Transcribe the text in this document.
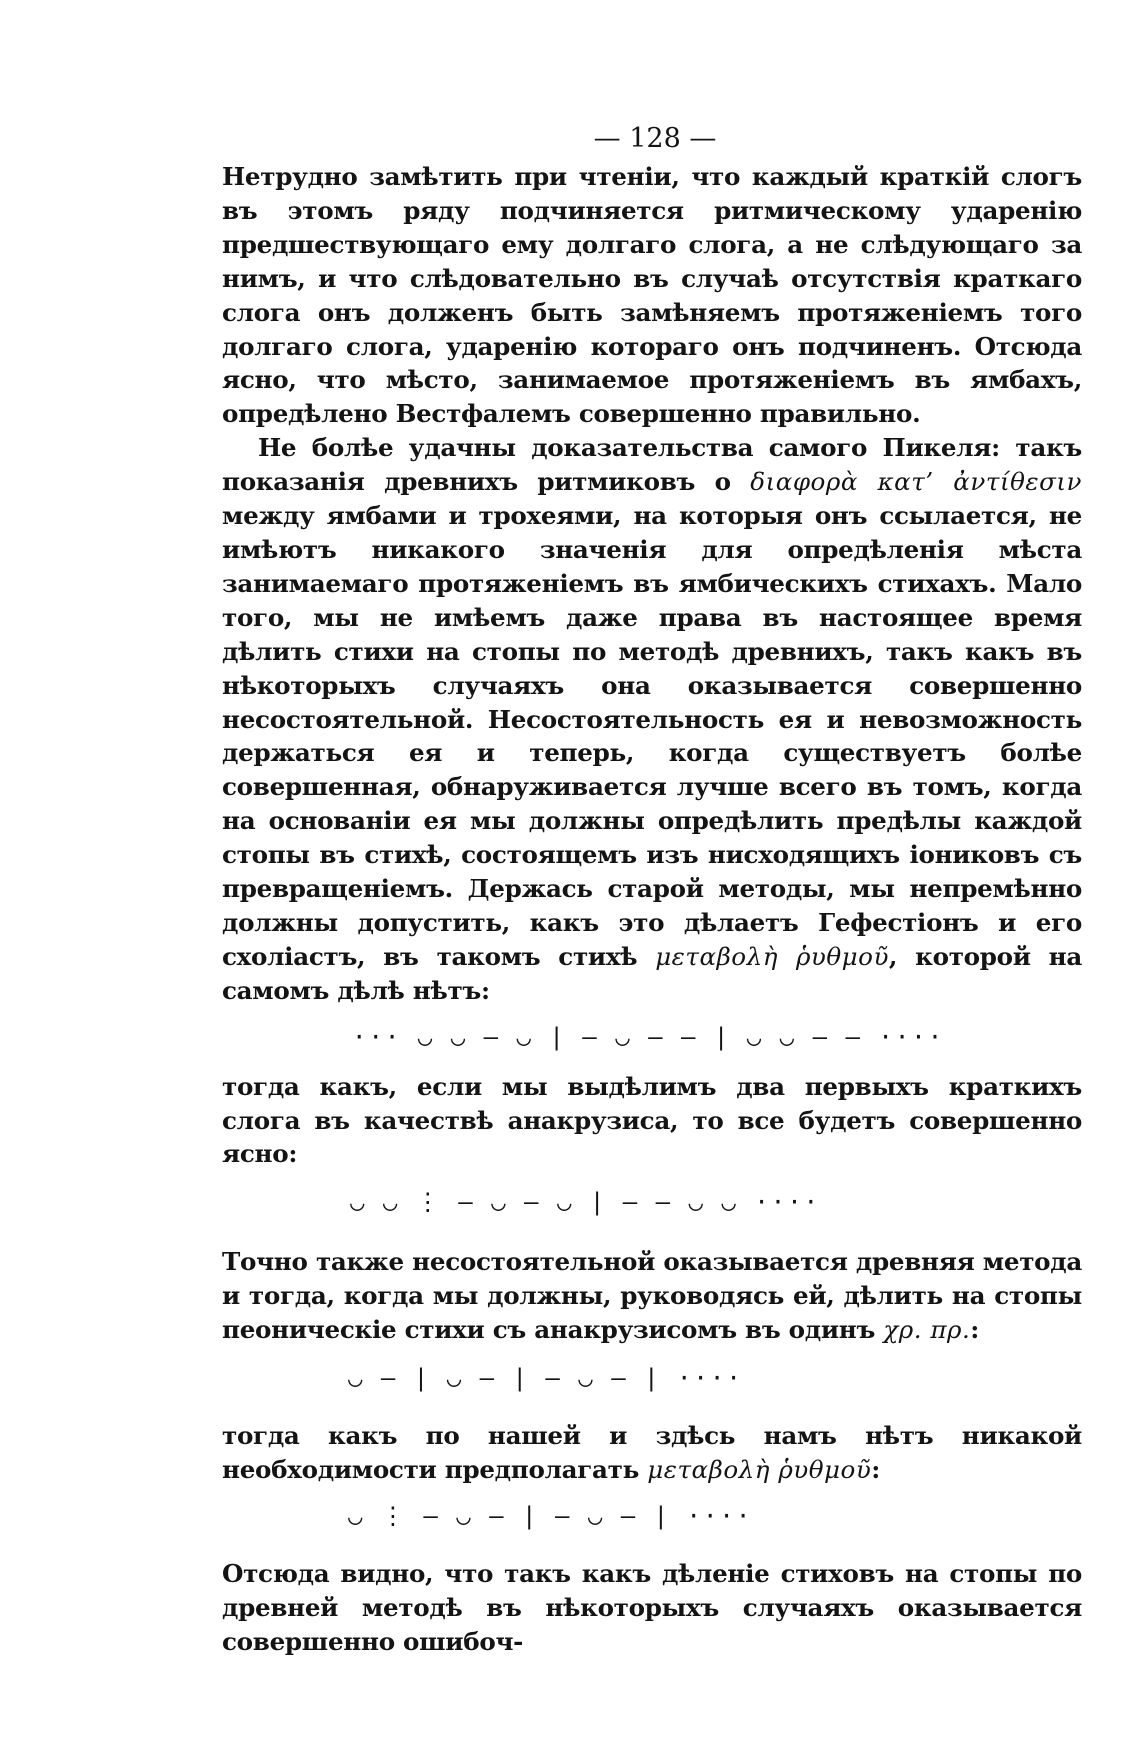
— 128 —

Нетрудно замѣтить при чтеніи, что каждый краткій слогъ въ этомъ ряду подчиняется ритмическому ударенію предшествующаго ему долгаго слога, а не слѣдующаго за нимъ, и что слѣдовательно въ случаѣ отсутствія краткаго слога онъ долженъ быть замѣняемъ протяженіемъ того долгаго слога, ударенію котораго онъ подчиненъ. Отсюда ясно, что мѣсто, занимаемое протяженіемъ въ ямбахъ, опредѣлено Вестфалемъ совершенно правильно.

Не болѣе удачны доказательства самого Пикеля: такъ показанія древнихъ ритмиковъ о διαφορὰ κατ’ ἀντίθεσιν между ямбами и трохеями, на которыя онъ ссылается, не имѣютъ никакого значенія для опредѣленія мѣста занимаемаго протяженіемъ въ ямбическихъ стихахъ. Мало того, мы не имѣемъ даже права въ настоящее время дѣлить стихи на стопы по методѣ древнихъ, такъ какъ въ нѣкоторыхъ случаяхъ она оказывается совершенно несостоятельной. Несостоятельность ея и невозможность держаться ея и теперь, когда существуетъ болѣе совершенная, обнаруживается лучше всего въ томъ, когда на основаніи ея мы должны опредѣлить предѣлы каждой стопы въ стихѣ, состоящемъ изъ нисходящихъ іониковъ съ превращеніемъ. Держась старой методы, мы непремѣнно должны допустить, какъ это дѣлаетъ Гефестіонъ и его схоліастъ, въ такомъ стихѣ μεταβολὴ ῥυθμοῦ, которой на самомъ дѣлѣ нѣтъ:

··· ◡ ◡ — ◡ | — ◡ — — | ◡ ◡ — — ····

тогда какъ, если мы выдѣлимъ два первыхъ краткихъ слога въ качествѣ анакрузиса, то все будетъ совершенно ясно:

◡ ◡ ⋮ — ◡ — ◡ | — — ◡ ◡ ····

Точно также несостоятельной оказывается древняя метода и тогда, когда мы должны, руководясь ей, дѣлить на стопы пеоническіе стихи съ анакрузисомъ въ одинъ χρ. πρ.:

◡ — | ◡ — | — ◡ — | ····

тогда какъ по нашей и здѣсь намъ нѣтъ никакой необходимости предполагать μεταβολὴ ῥυθμοῦ:

◡ ⋮ — ◡ — | — ◡ — | ····

Отсюда видно, что такъ какъ дѣленіе стиховъ на стопы по древней методѣ въ нѣкоторыхъ случаяхъ оказывается совершенно ошибоч-
